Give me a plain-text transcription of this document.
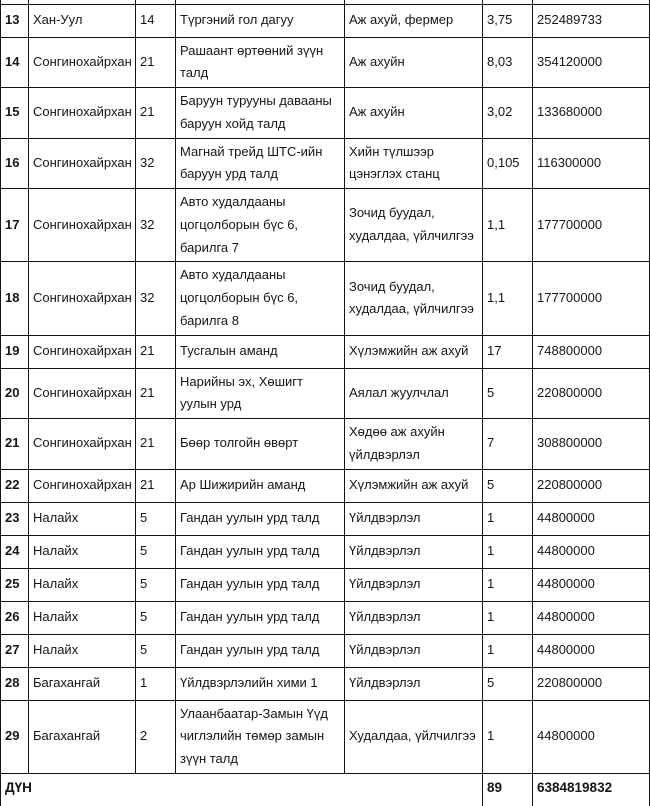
13	Хан-Уул	14	Түргэний гол дагуу	Аж ахуй, фермер	3,75	252489733
14	Сонгинохайрхан	21	Рашаант өртөөний зүүн талд	Аж ахуйн	8,03	354120000
15	Сонгинохайрхан	21	Баруун турууны давааны баруун хойд талд	Аж ахуйн	3,02	133680000
16	Сонгинохайрхан	32	Магнай трейд ШТС-ийн баруун урд талд	Хийн түлшээр цэнэглэх станц	0,105	116300000
17	Сонгинохайрхан	32	Авто худалдааны цогцолборын бүс 6, барилга 7	Зочид буудал, худалдаа, үйлчилгээ	1,1	177700000
18	Сонгинохайрхан	32	Авто худалдааны цогцолборын бүс 6, барилга 8	Зочид буудал, худалдаа, үйлчилгээ	1,1	177700000
19	Сонгинохайрхан	21	Тусгалын аманд	Хүлэмжийн аж ахуй	17	748800000
20	Сонгинохайрхан	21	Нарийны эх, Хөшигт уулын урд	Аялал жуулчлал	5	220800000
21	Сонгинохайрхан	21	Бөөр толгойн өвөрт	Хөдөө аж ахуйн үйлдвэрлэл	7	308800000
22	Сонгинохайрхан	21	Ар Шижирийн аманд	Хүлэмжийн аж ахуй	5	220800000
23	Налайх	5	Гандан уулын урд талд	Үйлдвэрлэл	1	44800000
24	Налайх	5	Гандан уулын урд талд	Үйлдвэрлэл	1	44800000
25	Налайх	5	Гандан уулын урд талд	Үйлдвэрлэл	1	44800000
26	Налайх	5	Гандан уулын урд талд	Үйлдвэрлэл	1	44800000
27	Налайх	5	Гандан уулын урд талд	Үйлдвэрлэл	1	44800000
28	Багахангай	1	Үйлдвэрлэлийн хими 1	Үйлдвэрлэл	5	220800000
29	Багахангай	2	Улаанбаатар-Замын Үүд чиглэлийн төмөр замын зүүн талд	Худалдаа, үйлчилгээ	1	44800000
ДҮН					89	6384819832
